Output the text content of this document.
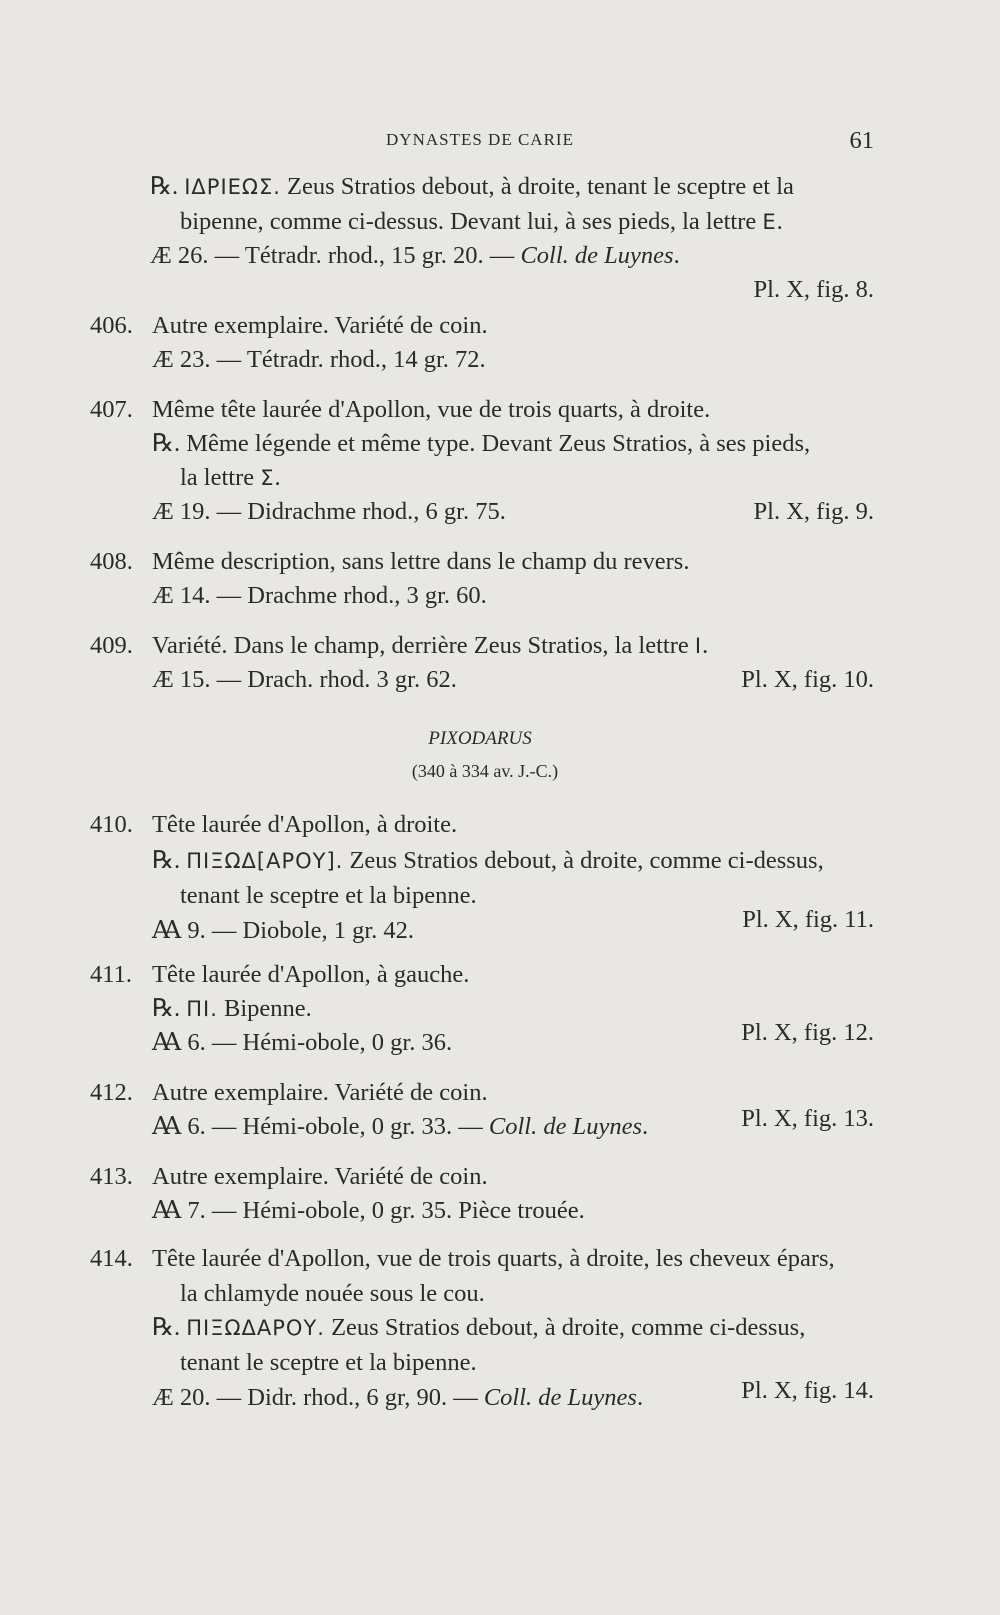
DYNASTES DE CARIE	61
℞. ΙΔΡΙΕΩΣ. Zeus Stratios debout, à droite, tenant le sceptre et la
bipenne, comme ci-dessus. Devant lui, à ses pieds, la lettre E.
Æ 26. — Tétradr. rhod., 15 gr. 20. — Coll. de Luynes.
Pl. X, fig. 8.
406. Autre exemplaire. Variété de coin.
Æ 23. — Tétradr. rhod., 14 gr. 72.
407. Même tête laurée d'Apollon, vue de trois quarts, à droite.
℞. Même légende et même type. Devant Zeus Stratios, à ses pieds,
la lettre Σ.
Æ 19. — Didrachme rhod., 6 gr. 75.	Pl. X, fig. 9.
408. Même description, sans lettre dans le champ du revers.
Æ 14. — Drachme rhod., 3 gr. 60.
409. Variété. Dans le champ, derrière Zeus Stratios, la lettre I.
Æ 15. — Drach. rhod. 3 gr. 62.	Pl. X, fig. 10.
PIXODARUS
(340 à 334 av. J.-C.)
410. Tête laurée d'Apollon, à droite.
℞. ΠΙΞΩΔ[ΑΡΟΥ]. Zeus Stratios debout, à droite, comme ci-dessus,
tenant le sceptre et la bipenne.
Ꜳ 9. — Diobole, 1 gr. 42.	Pl. X, fig. 11.
411. Tête laurée d'Apollon, à gauche.
℞. ΠΙ. Bipenne.
Ꜳ 6. — Hémi-obole, 0 gr. 36.	Pl. X, fig. 12.
412. Autre exemplaire. Variété de coin.
Ꜳ 6. — Hémi-obole, 0 gr. 33. — Coll. de Luynes.	Pl. X, fig. 13.
413. Autre exemplaire. Variété de coin.
Ꜳ 7. — Hémi-obole, 0 gr. 35. Pièce trouée.
414. Tête laurée d'Apollon, vue de trois quarts, à droite, les cheveux épars,
la chlamyde nouée sous le cou.
℞. ΠΙΞΩΔΑΡΟΥ. Zeus Stratios debout, à droite, comme ci-dessus,
tenant le sceptre et la bipenne.
Æ 20. — Didr. rhod., 6 gr, 90. — Coll. de Luynes.	Pl. X, fig. 14.
